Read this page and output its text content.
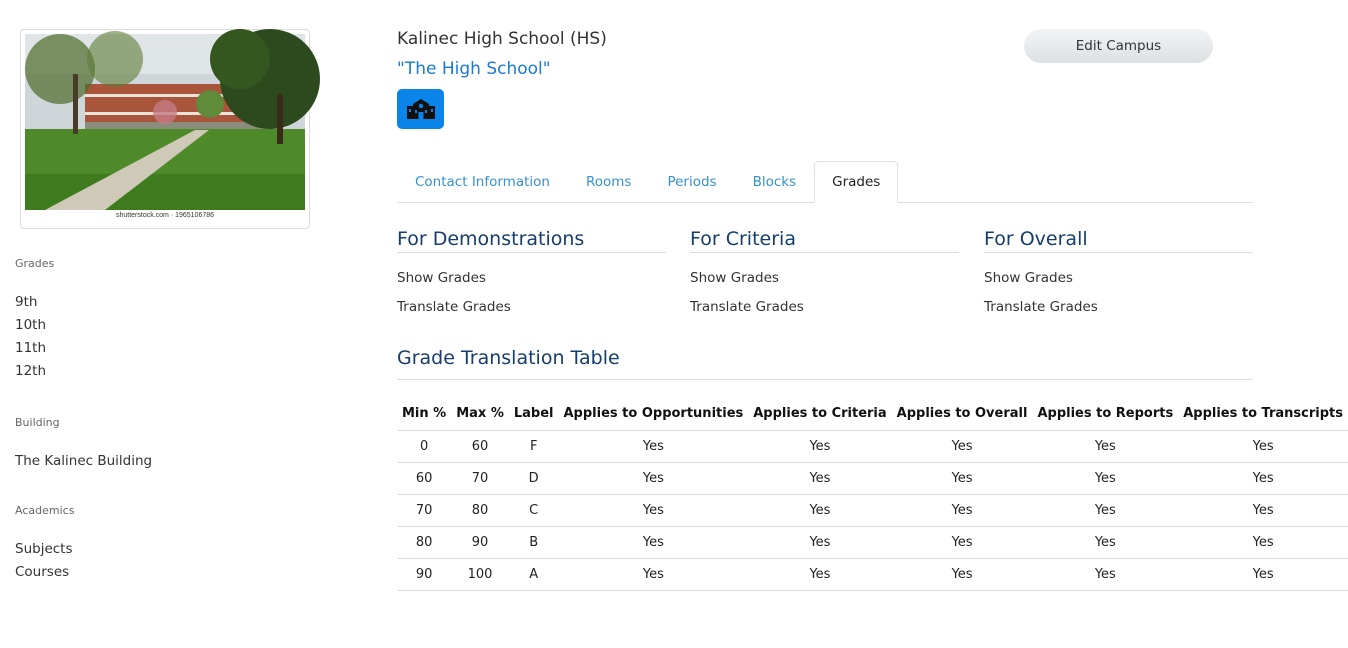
shutterstock.com · 1965106786
Grades
9th
10th
11th
12th
Building
The Kalinec Building
Academics
Subjects
Courses
Kalinec High School (HS)
"The High School"
Edit Campus
Contact Information	Rooms	Periods	Blocks	Grades
For Demonstrations
Show Grades
Translate Grades
For Criteria
Show Grades
Translate Grades
For Overall
Show Grades
Translate Grades
Grade Translation Table
Min %	Max %	Label	Applies to Opportunities	Applies to Criteria	Applies to Overall	Applies to Reports	Applies to Transcripts
0	60	F	Yes	Yes	Yes	Yes	Yes
60	70	D	Yes	Yes	Yes	Yes	Yes
70	80	C	Yes	Yes	Yes	Yes	Yes
80	90	B	Yes	Yes	Yes	Yes	Yes
90	100	A	Yes	Yes	Yes	Yes	Yes
